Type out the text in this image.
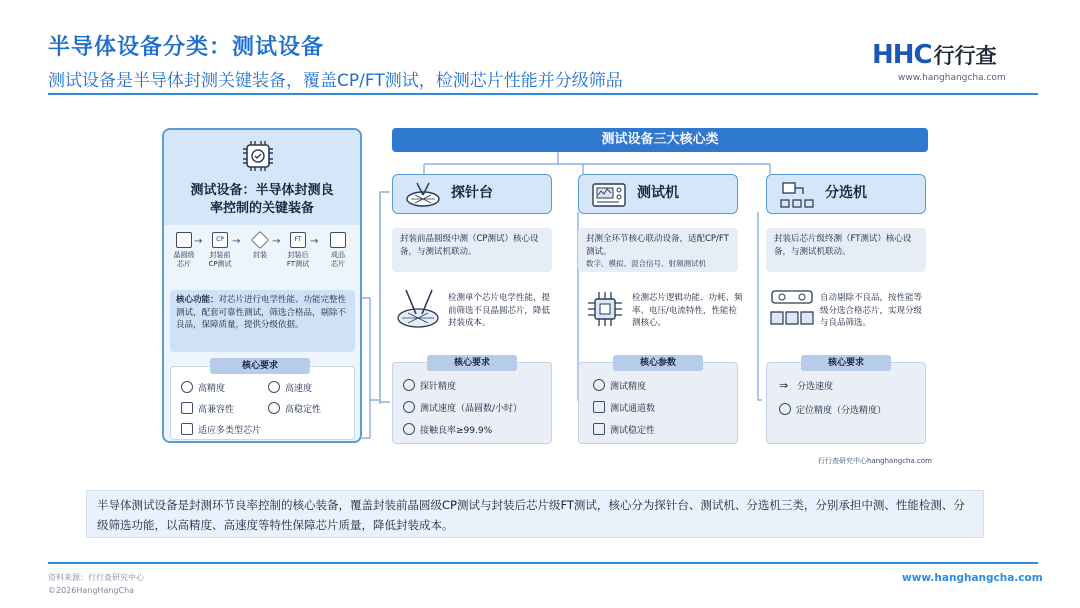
半导体设备分类：测试设备
测试设备是半导体封测关键装备，覆盖CP/FT测试，检测芯片性能并分级筛品
HHC行行查
www.hanghangcha.com
测试设备：半导体封测良
率控制的关键装备
晶圆级
芯片
→	CP
封装前
CP测试
→
封装
→	FT
封装后
FT测试
→
成品
芯片
核心功能：对芯片进行电学性能、功能完整性测试，配套可靠性测试，筛选合格品，剔除不良品，保障质量，提供分级依据。
高精度	高速度
高兼容性	高稳定性
适应多类型芯片
核心要求
测试设备三大核心类
探针台
封装前晶圆级中测（CP测试）核心设备，与测试机联动。
检测单个芯片电学性能，提前筛选不良晶圆芯片，降低封装成本。
探针精度
测试速度（晶圆数/小时）
接触良率≥99.9%
核心要求
测试机
封测全环节核心联动设备，适配CP/FT测试。
数字、模拟、混合信号、射频测试机
检测芯片逻辑功能、功耗、频率、电压/电流特性，性能检测核心。
测试精度
测试通道数
测试稳定性
核心参数
分选机
封装后芯片级终测（FT测试）核心设备，与测试机联动。
自动剔除不良品，按性能等级分选合格芯片，实现分级与良品筛选。
⇒ 分选速度
定位精度（分选精度）
核心要求
行行查研究中心hanghangcha.com
半导体测试设备是封测环节良率控制的核心装备，覆盖封装前晶圆级CP测试与封装后芯片级FT测试，核心分为探针台、测试机、分选机三类，分别承担中测、性能检测、分级筛选功能，以高精度、高速度等特性保障芯片质量，降低封装成本。
资料来源：行行查研究中心
©2026HangHangCha
www.hanghangcha.com
